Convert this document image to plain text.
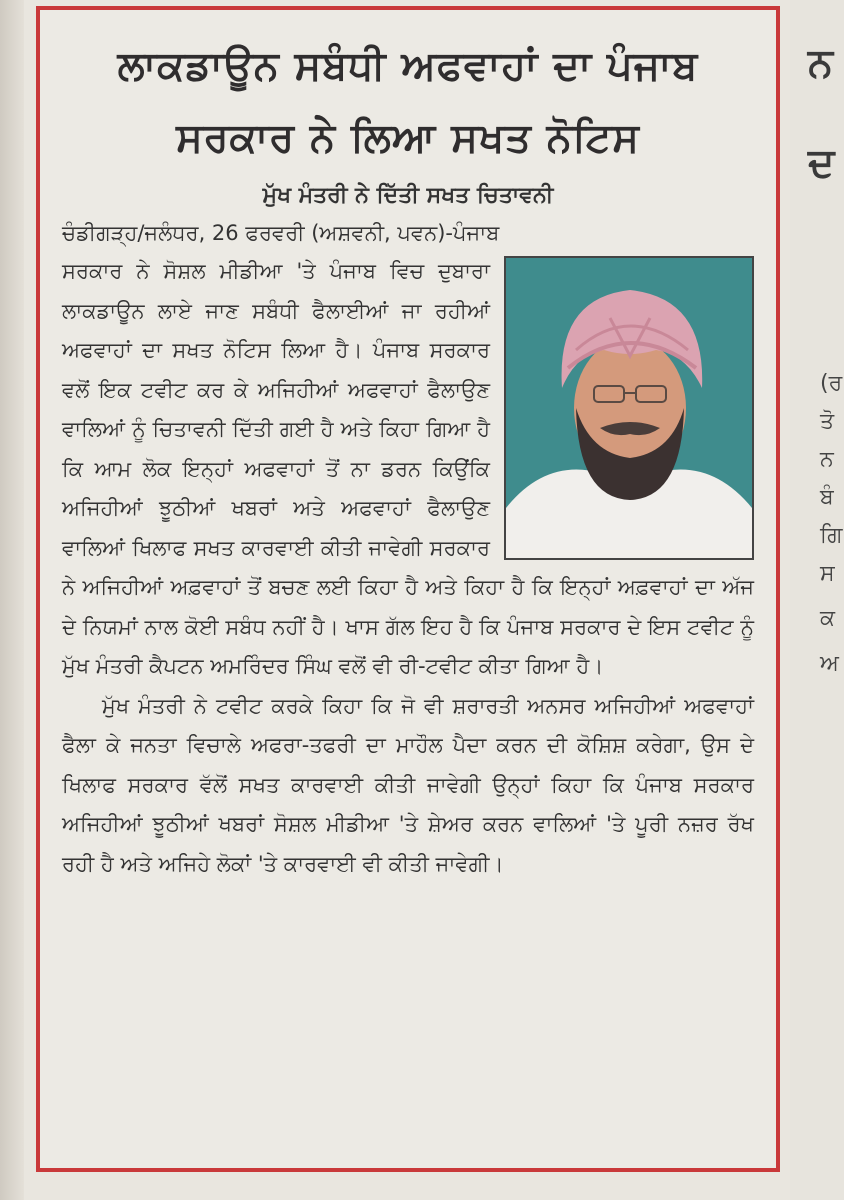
ਲਾਕਡਾਊਨ ਸਬੰਧੀ ਅਫਵਾਹਾਂ ਦਾ ਪੰਜਾਬ
ਸਰਕਾਰ ਨੇ ਲਿਆ ਸਖਤ ਨੋਟਿਸ
ਮੁੱਖ ਮੰਤਰੀ ਨੇ ਦਿੱਤੀ ਸਖਤ ਚਿਤਾਵਨੀ
ਚੰਡੀਗੜ੍ਹ/ਜਲੰਧਰ, 26 ਫਰਵਰੀ (ਅਸ਼ਵਨੀ, ਪਵਨ)-ਪੰਜਾਬ

ਸਰਕਾਰ ਨੇ ਸੋਸ਼ਲ ਮੀਡੀਆ 'ਤੇ ਪੰਜਾਬ ਵਿਚ ਦੁਬਾਰਾ ਲਾਕਡਾਊਨ ਲਾਏ ਜਾਣ ਸਬੰਧੀ ਫੈਲਾਈਆਂ ਜਾ ਰਹੀਆਂ ਅਫਵਾਹਾਂ ਦਾ ਸਖਤ ਨੋਟਿਸ ਲਿਆ ਹੈ। ਪੰਜਾਬ ਸਰਕਾਰ ਵਲੋਂ ਇਕ ਟਵੀਟ ਕਰ ਕੇ ਅਜਿਹੀਆਂ ਅਫਵਾਹਾਂ ਫੈਲਾਉਣ ਵਾਲਿਆਂ ਨੂੰ ਚਿਤਾਵਨੀ ਦਿੱਤੀ ਗਈ ਹੈ ਅਤੇ ਕਿਹਾ ਗਿਆ ਹੈ ਕਿ ਆਮ ਲੋਕ ਇਨ੍ਹਾਂ ਅਫਵਾਹਾਂ ਤੋਂ ਨਾ ਡਰਨ ਕਿਉਂਕਿ ਅਜਿਹੀਆਂ ਝੂਠੀਆਂ ਖਬਰਾਂ ਅਤੇ ਅਫਵਾਹਾਂ ਫੈਲਾਉਣ ਵਾਲਿਆਂ ਖਿਲਾਫ ਸਖਤ ਕਾਰਵਾਈ ਕੀਤੀ ਜਾਵੇਗੀ ਸਰਕਾਰ ਨੇ ਅਜਿਹੀਆਂ ਅਫ਼ਵਾਹਾਂ ਤੋਂ ਬਚਣ ਲਈ ਕਿਹਾ ਹੈ ਅਤੇ ਕਿਹਾ ਹੈ ਕਿ ਇਨ੍ਹਾਂ ਅਫ਼ਵਾਹਾਂ ਦਾ ਅੱਜ ਦੇ ਨਿਯਮਾਂ ਨਾਲ ਕੋਈ ਸਬੰਧ ਨਹੀਂ ਹੈ। ਖਾਸ ਗੱਲ ਇਹ ਹੈ ਕਿ ਪੰਜਾਬ ਸਰਕਾਰ ਦੇ ਇਸ ਟਵੀਟ ਨੂੰ ਮੁੱਖ ਮੰਤਰੀ ਕੈਪਟਨ ਅਮਰਿੰਦਰ ਸਿੰਘ ਵਲੋਂ ਵੀ ਰੀ-ਟਵੀਟ ਕੀਤਾ ਗਿਆ ਹੈ।

ਮੁੱਖ ਮੰਤਰੀ ਨੇ ਟਵੀਟ ਕਰਕੇ ਕਿਹਾ ਕਿ ਜੋ ਵੀ ਸ਼ਰਾਰਤੀ ਅਨਸਰ ਅਜਿਹੀਆਂ ਅਫਵਾਹਾਂ ਫੈਲਾ ਕੇ ਜਨਤਾ ਵਿਚਾਲੇ ਅਫਰਾ-ਤਫਰੀ ਦਾ ਮਾਹੌਲ ਪੈਦਾ ਕਰਨ ਦੀ ਕੋਸ਼ਿਸ਼ ਕਰੇਗਾ, ਉਸ ਦੇ ਖਿਲਾਫ ਸਰਕਾਰ ਵੱਲੋਂ ਸਖਤ ਕਾਰਵਾਈ ਕੀਤੀ ਜਾਵੇਗੀ ਉਨ੍ਹਾਂ ਕਿਹਾ ਕਿ ਪੰਜਾਬ ਸਰਕਾਰ ਅਜਿਹੀਆਂ ਝੂਠੀਆਂ ਖਬਰਾਂ ਸੋਸ਼ਲ ਮੀਡੀਆ 'ਤੇ ਸ਼ੇਅਰ ਕਰਨ ਵਾਲਿਆਂ 'ਤੇ ਪੂਰੀ ਨਜ਼ਰ ਰੱਖ ਰਹੀ ਹੈ ਅਤੇ ਅਜਿਹੇ ਲੋਕਾਂ 'ਤੇ ਕਾਰਵਾਈ ਵੀ ਕੀਤੀ ਜਾਵੇਗੀ।

ਨ
ਦ
(ਰ
ਤੋ
ਨ
ਬੰ
ਗਿ
ਸ
ਕ
ਅ
